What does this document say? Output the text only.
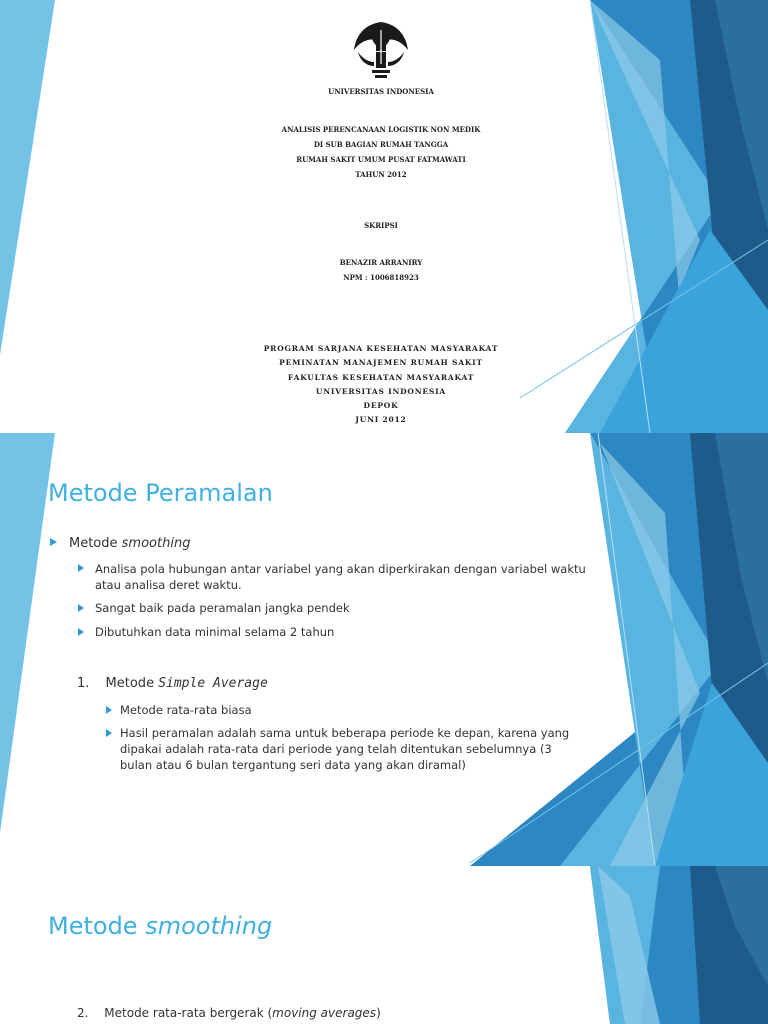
UNIVERSITAS INDONESIA
ANALISIS PERENCANAAN LOGISTIK NON MEDIK
DI SUB BAGIAN RUMAH TANGGA
RUMAH SAKIT UMUM PUSAT FATMAWATI
TAHUN 2012
SKRIPSI
BENAZIR ARRANIRY
NPM : 1006818923
PROGRAM SARJANA KESEHATAN MASYARAKAT
PEMINATAN MANAJEMEN RUMAH SAKIT
FAKULTAS KESEHATAN MASYARAKAT
UNIVERSITAS INDONESIA
DEPOK
JUNI 2012
Metode Peramalan
Metode smoothing
Analisa pola hubungan antar variabel yang akan diperkirakan dengan variabel waktu
atau analisa deret waktu.
Sangat baik pada peramalan jangka pendek
Dibutuhkan data minimal selama 2 tahun
1. Metode Simple Average
Metode rata-rata biasa
Hasil peramalan adalah sama untuk beberapa periode ke depan, karena yang
dipakai adalah rata-rata dari periode yang telah ditentukan sebelumnya (3
bulan atau 6 bulan tergantung seri data yang akan diramal)
Metode smoothing
2. Metode rata-rata bergerak (moving averages)
